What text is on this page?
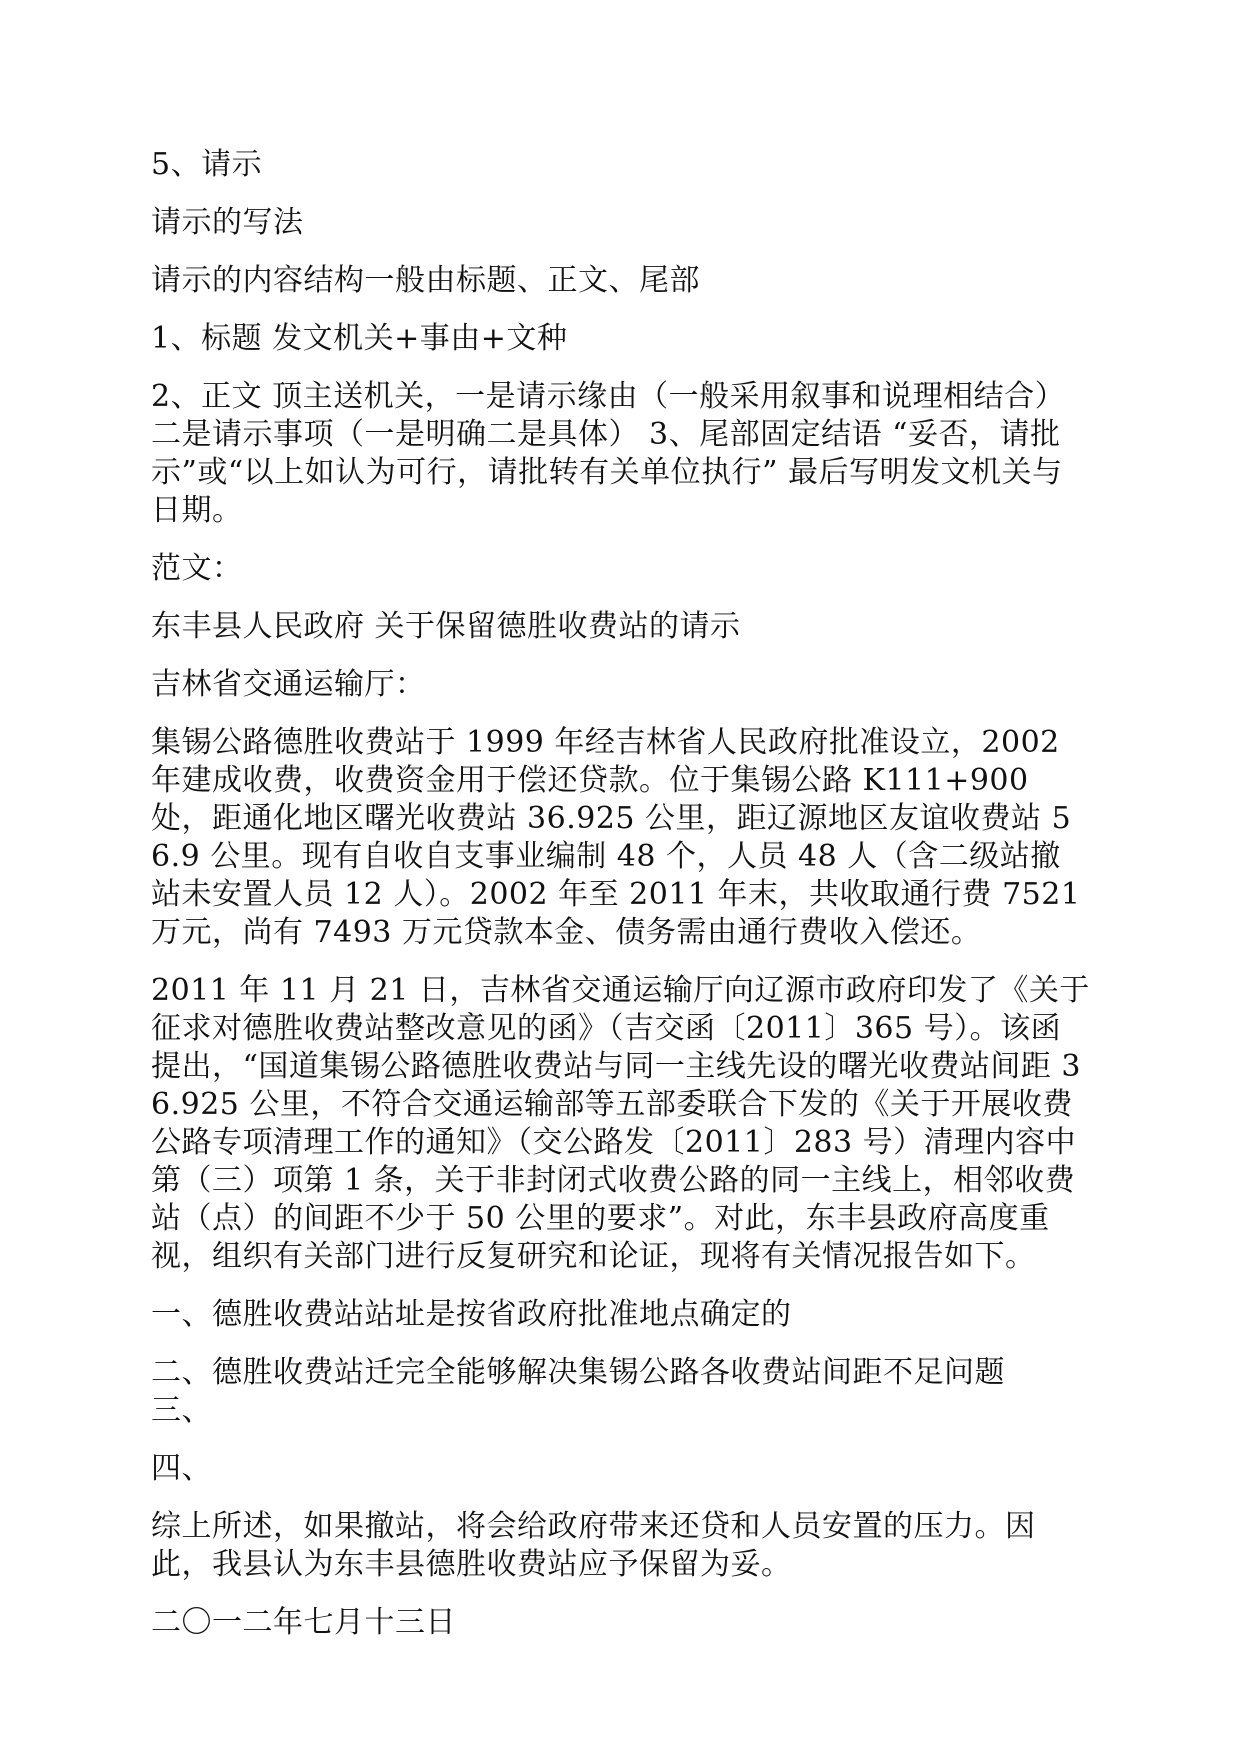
5、请示

请示的写法

请示的内容结构一般由标题、正文、尾部

1、标题 发文机关+事由+文种

2、正文 顶主送机关，一是请示缘由（一般采用叙事和说理相结合）二是请示事项（一是明确二是具体） 3、尾部固定结语 “妥否，请批示”或“以上如认为可行，请批转有关单位执行” 最后写明发文机关与日期。

范文：

东丰县人民政府 关于保留德胜收费站的请示

吉林省交通运输厅：

集锡公路德胜收费站于 1999 年经吉林省人民政府批准设立，2002 年建成收费，收费资金用于偿还贷款。位于集锡公路 K111+900 处，距通化地区曙光收费站 36.925 公里，距辽源地区友谊收费站 56.9 公里。现有自收自支事业编制 48 个，人员 48 人（含二级站撤站未安置人员 12 人）。2002 年至 2011 年末，共收取通行费 7521 万元，尚有 7493 万元贷款本金、债务需由通行费收入偿还。

2011 年 11 月 21 日，吉林省交通运输厅向辽源市政府印发了《关于征求对德胜收费站整改意见的函》（吉交函〔2011〕365 号）。该函提出，“国道集锡公路德胜收费站与同一主线先设的曙光收费站间距 36.925 公里，不符合交通运输部等五部委联合下发的《关于开展收费公路专项清理工作的通知》（交公路发〔2011〕283 号）清理内容中第（三）项第 1 条，关于非封闭式收费公路的同一主线上，相邻收费站（点）的间距不少于 50 公里的要求”。对此，东丰县政府高度重视，组织有关部门进行反复研究和论证，现将有关情况报告如下。

一、德胜收费站站址是按省政府批准地点确定的

二、德胜收费站迁完全能够解决集锡公路各收费站间距不足问题

三、

四、

综上所述，如果撤站，将会给政府带来还贷和人员安置的压力。因此，我县认为东丰县德胜收费站应予保留为妥。

二〇一二年七月十三日
